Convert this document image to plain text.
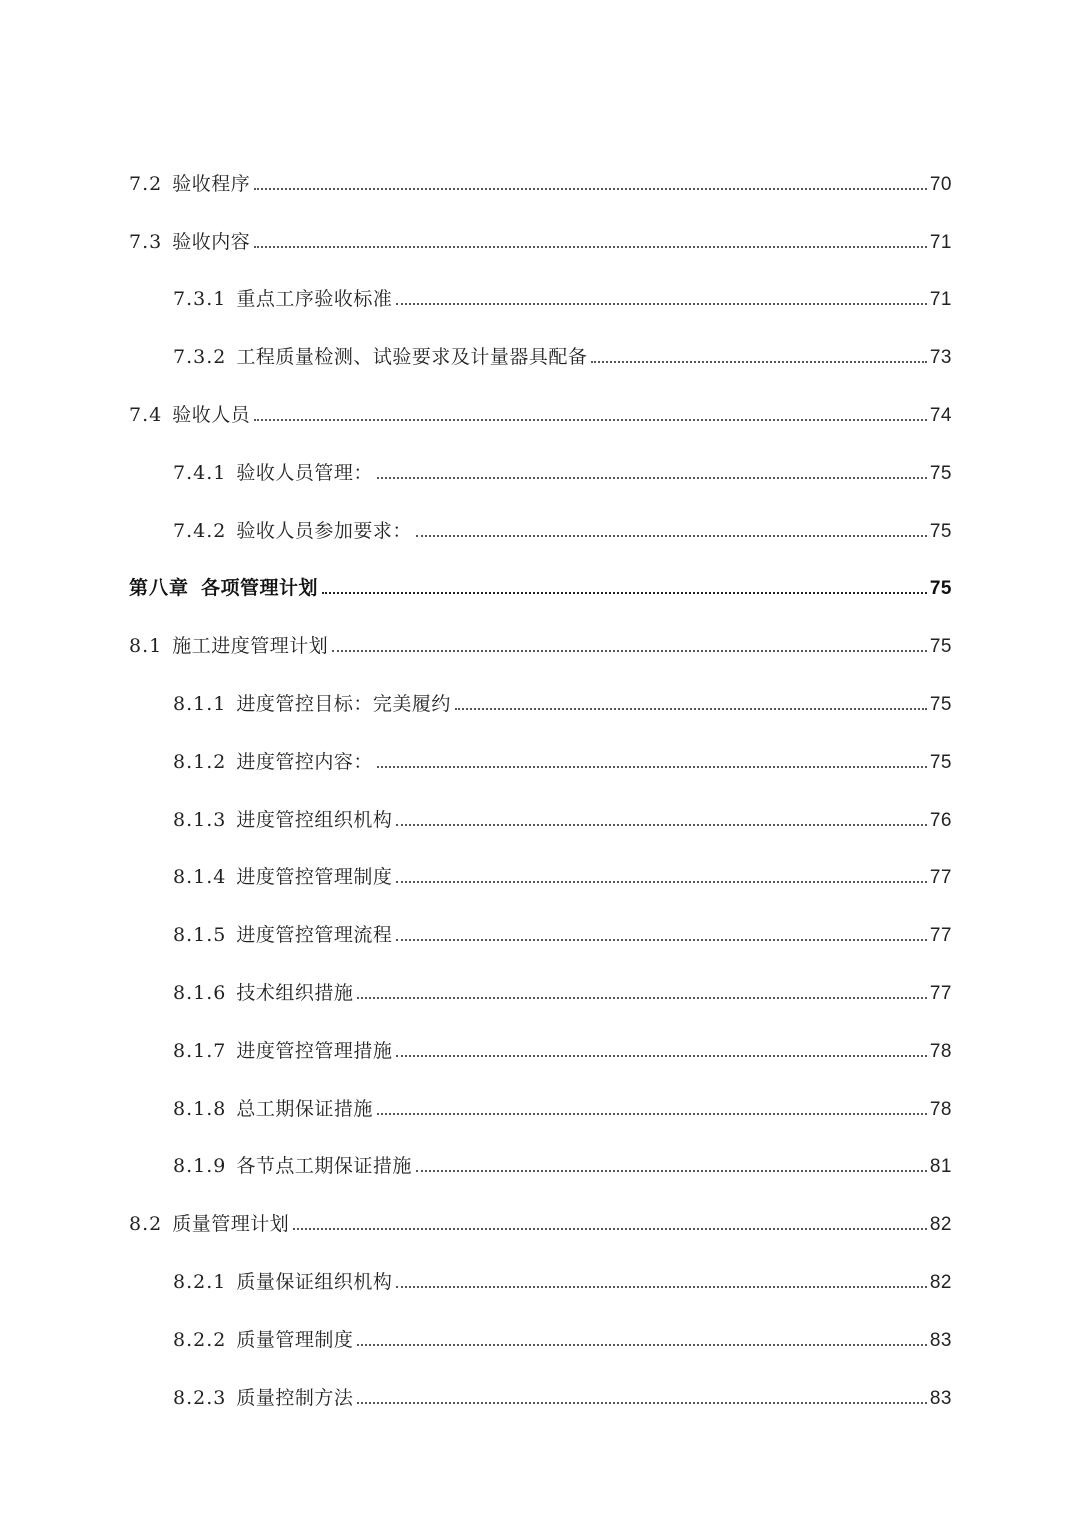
7.2 验收程序	70
7.3 验收内容	71
7.3.1 重点工序验收标准	71
7.3.2 工程质量检测、试验要求及计量器具配备	73
7.4 验收人员	74
7.4.1 验收人员管理：	75
7.4.2 验收人员参加要求：	75
第八章 各项管理计划	75
8.1 施工进度管理计划	75
8.1.1 进度管控目标：完美履约	75
8.1.2 进度管控内容：	75
8.1.3 进度管控组织机构	76
8.1.4 进度管控管理制度	77
8.1.5 进度管控管理流程	77
8.1.6 技术组织措施	77
8.1.7 进度管控管理措施	78
8.1.8 总工期保证措施	78
8.1.9 各节点工期保证措施	81
8.2 质量管理计划	82
8.2.1 质量保证组织机构	82
8.2.2 质量管理制度	83
8.2.3 质量控制方法	83
